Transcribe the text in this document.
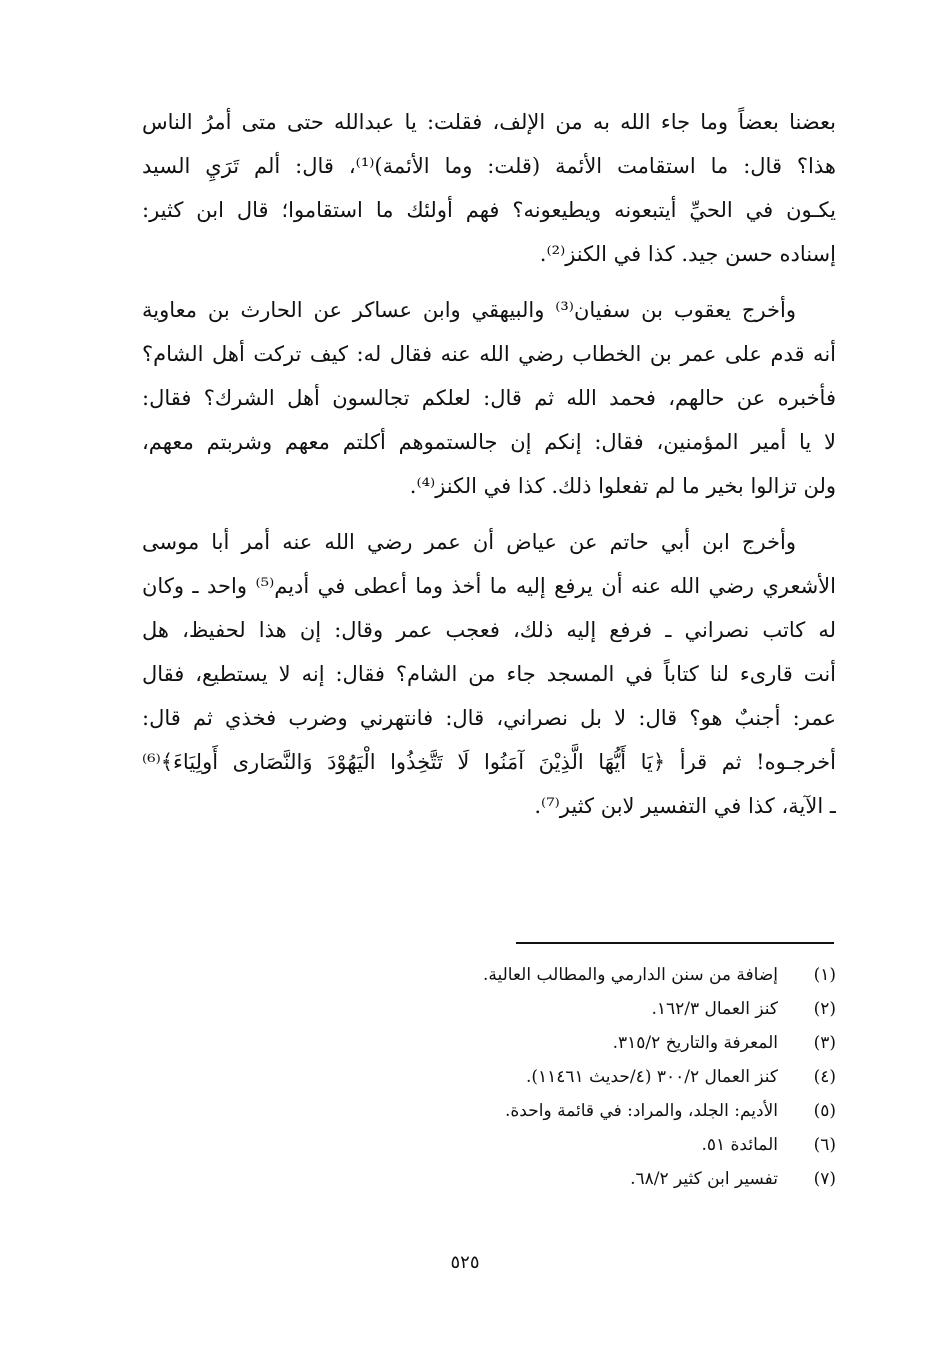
بعضنا بعضاً وما جاء الله به من الإلف، فقلت: يا عبدالله حتى متى أمرُ الناس
هذا؟ قال: ما استقامت الأئمة (قلت: وما الأئمة)⁽¹⁾، قال: ألم تَرَيِ السيد
يكـون في الحيِّ أيتبعونه ويطيعونه؟ فهم أولئك ما استقاموا؛ قال ابن كثير:
إسناده حسن جيد. كذا في الكنز⁽²⁾.
وأخرج يعقوب بن سفيان⁽³⁾ والبيهقي وابن عساكر عن الحارث بن معاوية
أنه قدم على عمر بن الخطاب رضي الله عنه فقال له: كيف تركت أهل الشام؟
فأخبره عن حالهم، فحمد الله ثم قال: لعلكم تجالسون أهل الشرك؟ فقال:
لا يا أمير المؤمنين، فقال: إنكم إن جالستموهم أكلتم معهم وشربتم معهم،
ولن تزالوا بخير ما لم تفعلوا ذلك. كذا في الكنز⁽⁴⁾.
وأخرج ابن أبي حاتم عن عياض أن عمر رضي الله عنه أمر أبا موسى
الأشعري رضي الله عنه أن يرفع إليه ما أخذ وما أعطى في أديم⁽⁵⁾ واحد ـ وكان
له كاتب نصراني ـ فرفع إليه ذلك، فعجب عمر وقال: إن هذا لحفيظ، هل
أنت قارىء لنا كتاباً في المسجد جاء من الشام؟ فقال: إنه لا يستطيع، فقال
عمر: أجنبٌ هو؟ قال: لا بل نصراني، قال: فانتهرني وضرب فخذي ثم قال:
أخرجـوه! ثم قرأ ﴿يَا أَيُّهَا الَّذِيْنَ آمَنُوا لَا تَتَّخِذُوا الْيَهُوْدَ وَالنَّصَارى أَولِيَاءَ﴾⁽⁶⁾
ـ الآية، كذا في التفسير لابن كثير⁽⁷⁾.
(١)
إضافة من سنن الدارمي والمطالب العالية.
(٢)
كنز العمال ١٦٢/٣.
(٣)
المعرفة والتاريخ ٣١٥/٢.
(٤)
كنز العمال ٣٠٠/٢ (٤/حديث ١١٤٦١).
(٥)
الأديم: الجلد، والمراد: في قائمة واحدة.
(٦)
المائدة ٥١.
(٧)
تفسير ابن كثير ٦٨/٢.
٥٢٥
